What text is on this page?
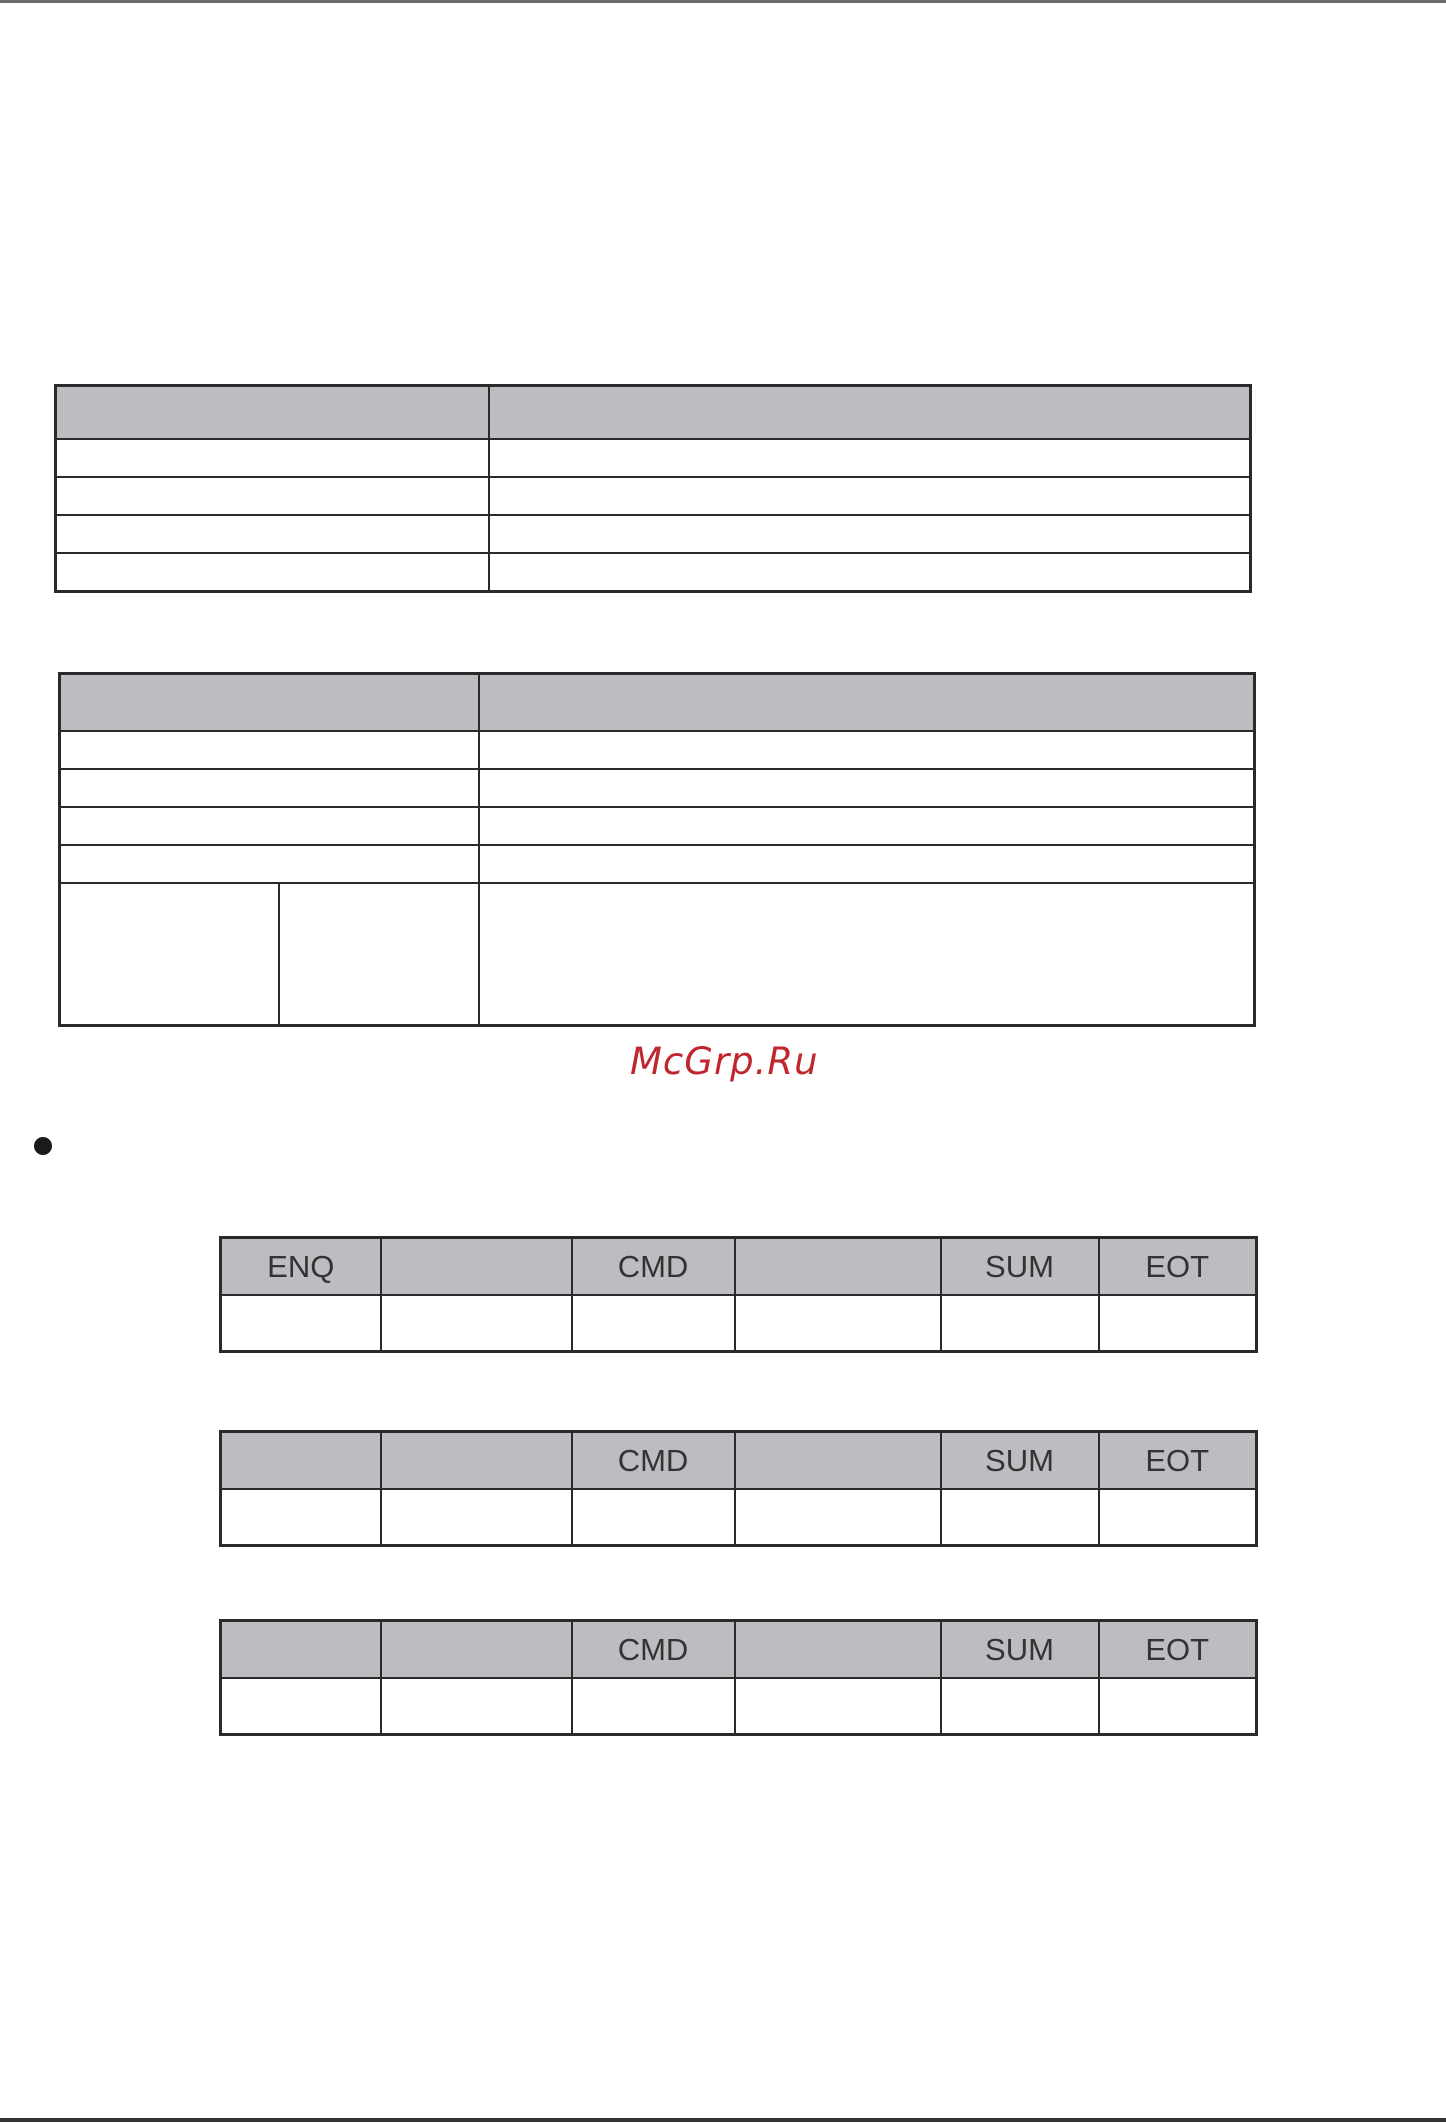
McGrp.Ru
ENQ		CMD		SUM	EOT

		CMD		SUM	EOT

		CMD		SUM	EOT
